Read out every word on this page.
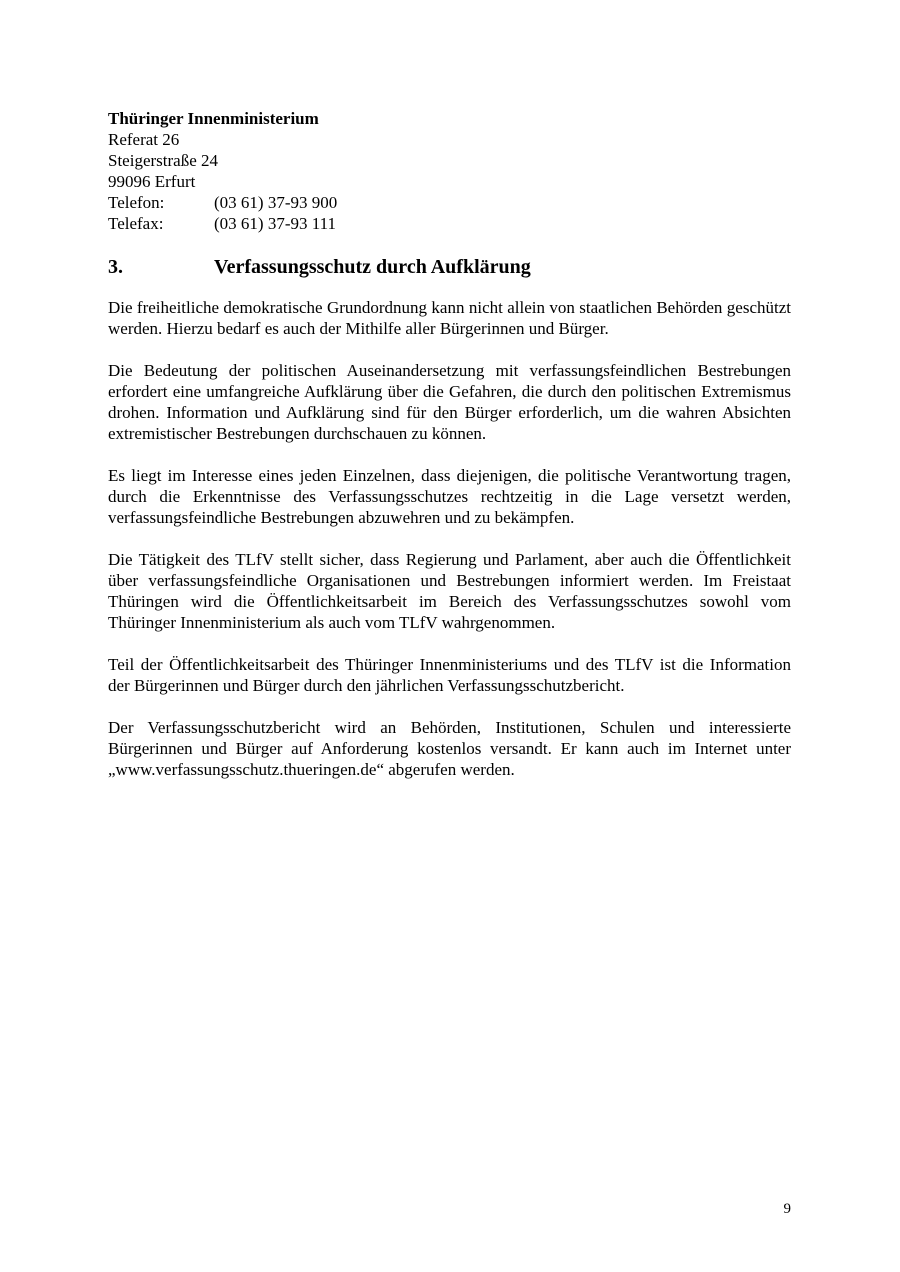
Thüringer Innenministerium

Referat 26

Steigerstraße 24

99096 Erfurt

Telefon:	(03 61) 37-93 900
Telefax:	(03 61) 37-93 111
3.	Verfassungsschutz durch Aufklärung

Die freiheitliche demokratische Grundordnung kann nicht allein von staatlichen Behörden geschützt werden. Hierzu bedarf es auch der Mithilfe aller Bürgerinnen und Bürger.

Die Bedeutung der politischen Auseinandersetzung mit verfassungsfeindlichen Bestrebungen erfordert eine umfangreiche Aufklärung über die Gefahren, die durch den politischen Extremismus drohen. Information und Aufklärung sind für den Bürger erforderlich, um die wahren Absichten extremistischer Bestrebungen durchschauen zu können.

Es liegt im Interesse eines jeden Einzelnen, dass diejenigen, die politische Verantwortung tragen, durch die Erkenntnisse des Verfassungsschutzes rechtzeitig in die Lage versetzt werden, verfassungsfeindliche Bestrebungen abzuwehren und zu bekämpfen.

Die Tätigkeit des TLfV stellt sicher, dass Regierung und Parlament, aber auch die Öffentlichkeit über verfassungsfeindliche Organisationen und Bestrebungen informiert werden. Im Freistaat Thüringen wird die Öffentlichkeitsarbeit im Bereich des Verfassungsschutzes sowohl vom Thüringer Innenministerium als auch vom TLfV wahrgenommen.

Teil der Öffentlichkeitsarbeit des Thüringer Innenministeriums und des TLfV ist die Information der Bürgerinnen und Bürger durch den jährlichen Verfassungsschutzbericht.

Der Verfassungsschutzbericht wird an Behörden, Institutionen, Schulen und interessierte Bürgerinnen und Bürger auf Anforderung kostenlos versandt. Er kann auch im Internet unter „www.verfassungsschutz.thueringen.de“ abgerufen werden.

9
